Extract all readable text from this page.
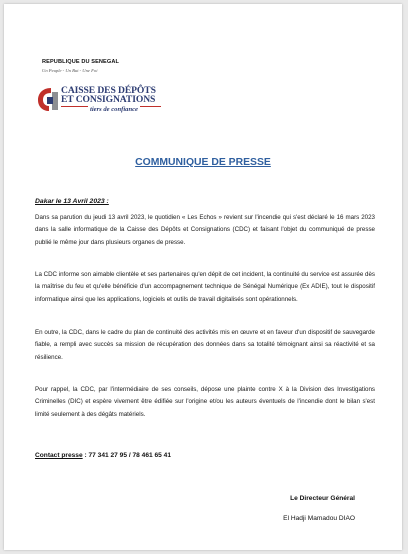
REPUBLIQUE DU SENEGAL
Un Peuple - Un But - Une Foi
CAISSE DES DÉPÔTS
ET CONSIGNATIONS
tiers de confiance
COMMUNIQUE DE PRESSE
Dakar le 13 Avril 2023 :
Dans sa parution du jeudi 13 avril 2023, le quotidien « Les Echos » revient sur l'incendie qui s'est déclaré le 16 mars 2023 dans la salle informatique de la Caisse des Dépôts et Consignations (CDC) et faisant l'objet du communiqué de presse publié le même jour dans plusieurs organes de presse.
La CDC informe son aimable clientèle et ses partenaires qu'en dépit de cet incident, la continuité du service est assurée dès la maîtrise du feu et qu'elle bénéficie d'un accompagnement technique de Sénégal Numérique (Ex ADIE), tout le dispositif informatique ainsi que les applications, logiciels et outils de travail digitalisés sont opérationnels.
En outre, la CDC, dans le cadre du plan de continuité des activités mis en œuvre et en faveur d'un dispositif de sauvegarde fiable, a rempli avec succès sa mission de récupération des données dans sa totalité témoignant ainsi sa réactivité et sa résilience.
Pour rappel, la CDC, par l'intermédiaire de ses conseils, dépose une plainte contre X à la Division des Investigations Criminelles (DIC) et espère vivement être édifiée sur l'origine et/ou les auteurs éventuels de l'incendie dont le bilan s'est limité seulement à des dégâts matériels.
Contact presse : 77 341 27 95 / 78 461 65 41
Le Directeur Général
El Hadji Mamadou DIAO
